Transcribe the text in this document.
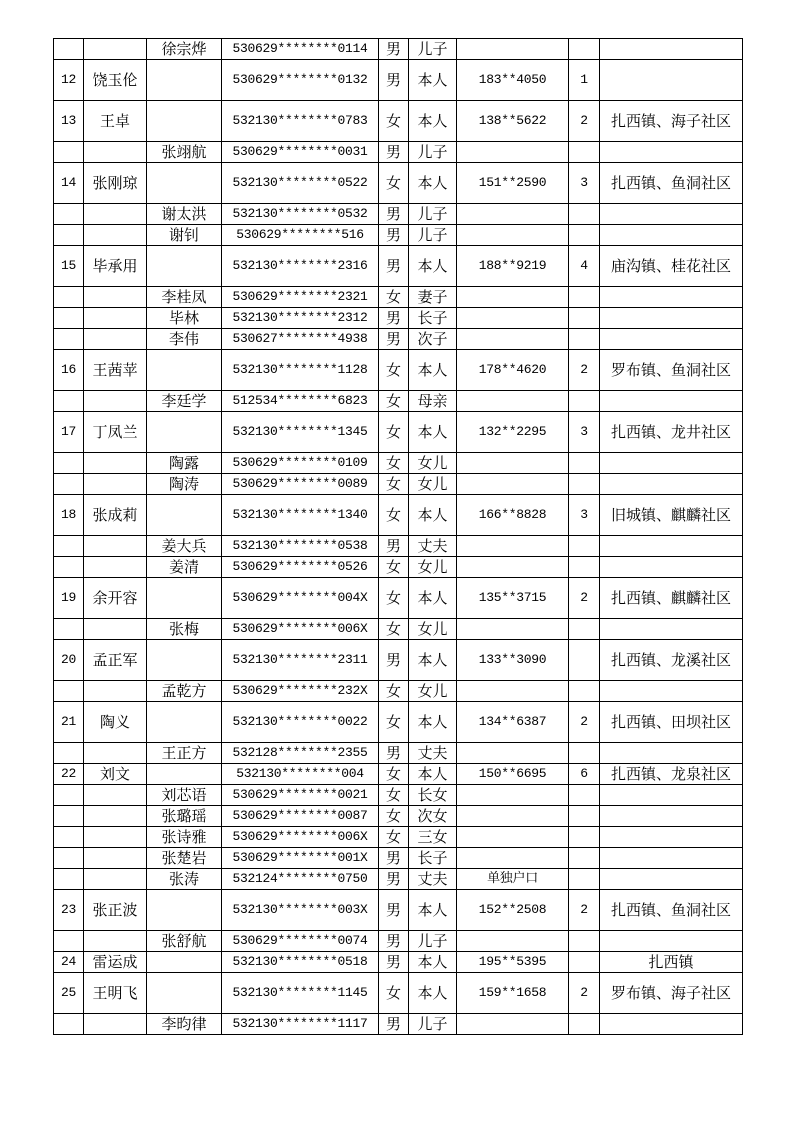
		徐宗烨	530629********0114	男	儿子			
12	饶玉伦		530629********0132	男	本人	183**4050	1	
13	王卓		532130********0783	女	本人	138**5622	2	扎西镇、海子社区
		张翊航	530629********0031	男	儿子			
14	张刚琼		532130********0522	女	本人	151**2590	3	扎西镇、鱼洞社区
		谢太洪	532130********0532	男	儿子			
		谢钊	530629********516	男	儿子			
15	毕承用		532130********2316	男	本人	188**9219	4	庙沟镇、桂花社区
		李桂凤	530629********2321	女	妻子			
		毕林	532130********2312	男	长子			
		李伟	530627********4938	男	次子			
16	王茜苹		532130********1128	女	本人	178**4620	2	罗布镇、鱼洞社区
		李廷学	512534********6823	女	母亲			
17	丁凤兰		532130********1345	女	本人	132**2295	3	扎西镇、龙井社区
		陶露	530629********0109	女	女儿			
		陶涛	530629********0089	女	女儿			
18	张成莉		532130********1340	女	本人	166**8828	3	旧城镇、麒麟社区
		姜大兵	532130********0538	男	丈夫			
		姜清	530629********0526	女	女儿			
19	余开容		530629********004X	女	本人	135**3715	2	扎西镇、麒麟社区
		张梅	530629********006X	女	女儿			
20	孟正军		532130********2311	男	本人	133**3090		扎西镇、龙溪社区
		孟乾方	530629********232X	女	女儿			
21	陶义		532130********0022	女	本人	134**6387	2	扎西镇、田坝社区
		王正方	532128********2355	男	丈夫			
22	刘文		532130********004	女	本人	150**6695	6	扎西镇、龙泉社区
		刘芯语	530629********0021	女	长女			
		张璐瑶	530629********0087	女	次女			
		张诗雅	530629********006X	女	三女			
		张楚岩	530629********001X	男	长子			
		张涛	532124********0750	男	丈夫	单独户口		
23	张正波		532130********003X	男	本人	152**2508	2	扎西镇、鱼洞社区
		张舒航	530629********0074	男	儿子			
24	雷运成		532130********0518	男	本人	195**5395		扎西镇
25	王明飞		532130********1145	女	本人	159**1658	2	罗布镇、海子社区
		李昀律	532130********1117	男	儿子			
